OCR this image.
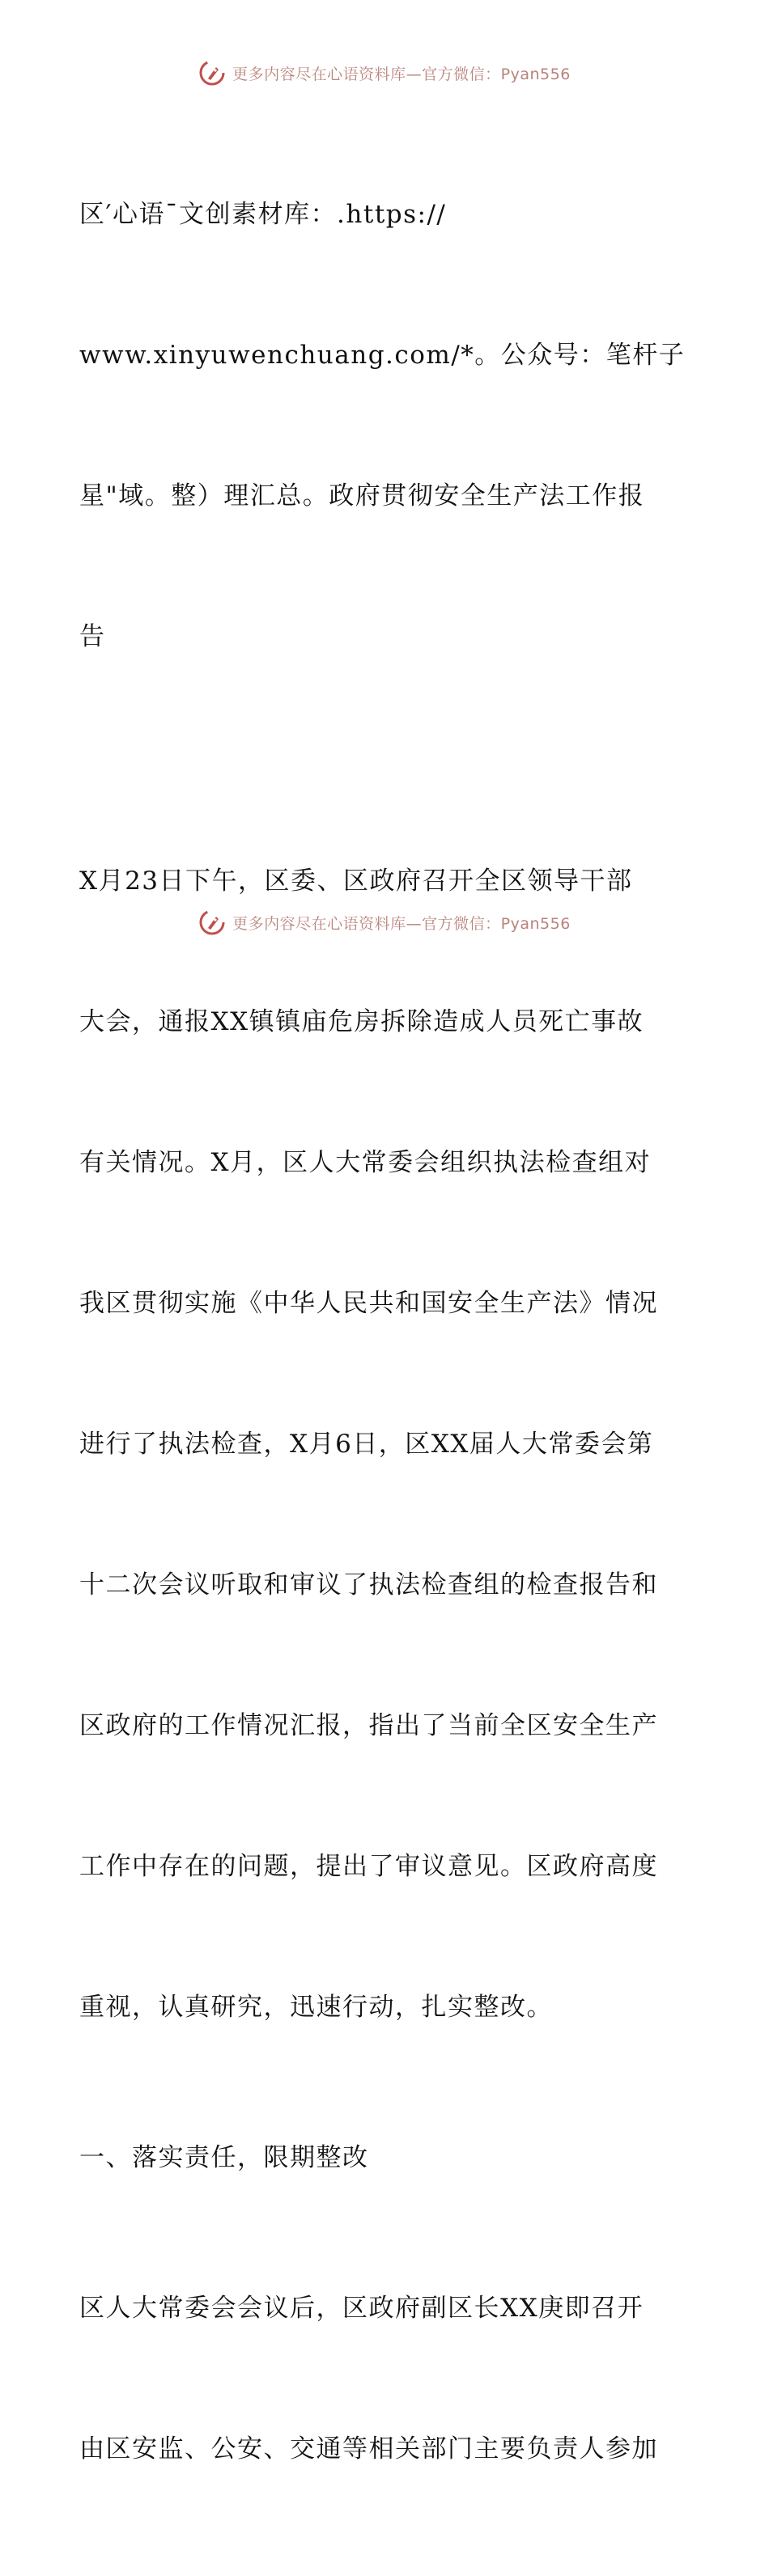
更多内容尽在心语资料库—官方微信：Pyan556

区′心语¯文创素材库：.https://

www.xinyuwenchuang.com/*。公众号：笔杆子

星"域。整）理汇总。政府贯彻安全生产法工作报

告

X月23日下午，区委、区政府召开全区领导干部

大会，通报XX镇镇庙危房拆除造成人员死亡事故

有关情况。X月，区人大常委会组织执法检查组对

我区贯彻实施《中华人民共和国安全生产法》情况

进行了执法检查，X月6日，区XX届人大常委会第

十二次会议听取和审议了执法检查组的检查报告和

区政府的工作情况汇报，指出了当前全区安全生产

工作中存在的问题，提出了审议意见。区政府高度

重视，认真研究，迅速行动，扎实整改。

一、落实责任，限期整改

区人大常委会会议后，区政府副区长XX庚即召开

由区安监、公安、交通等相关部门主要负责人参加

更多内容尽在心语资料库—官方微信：Pyan556
